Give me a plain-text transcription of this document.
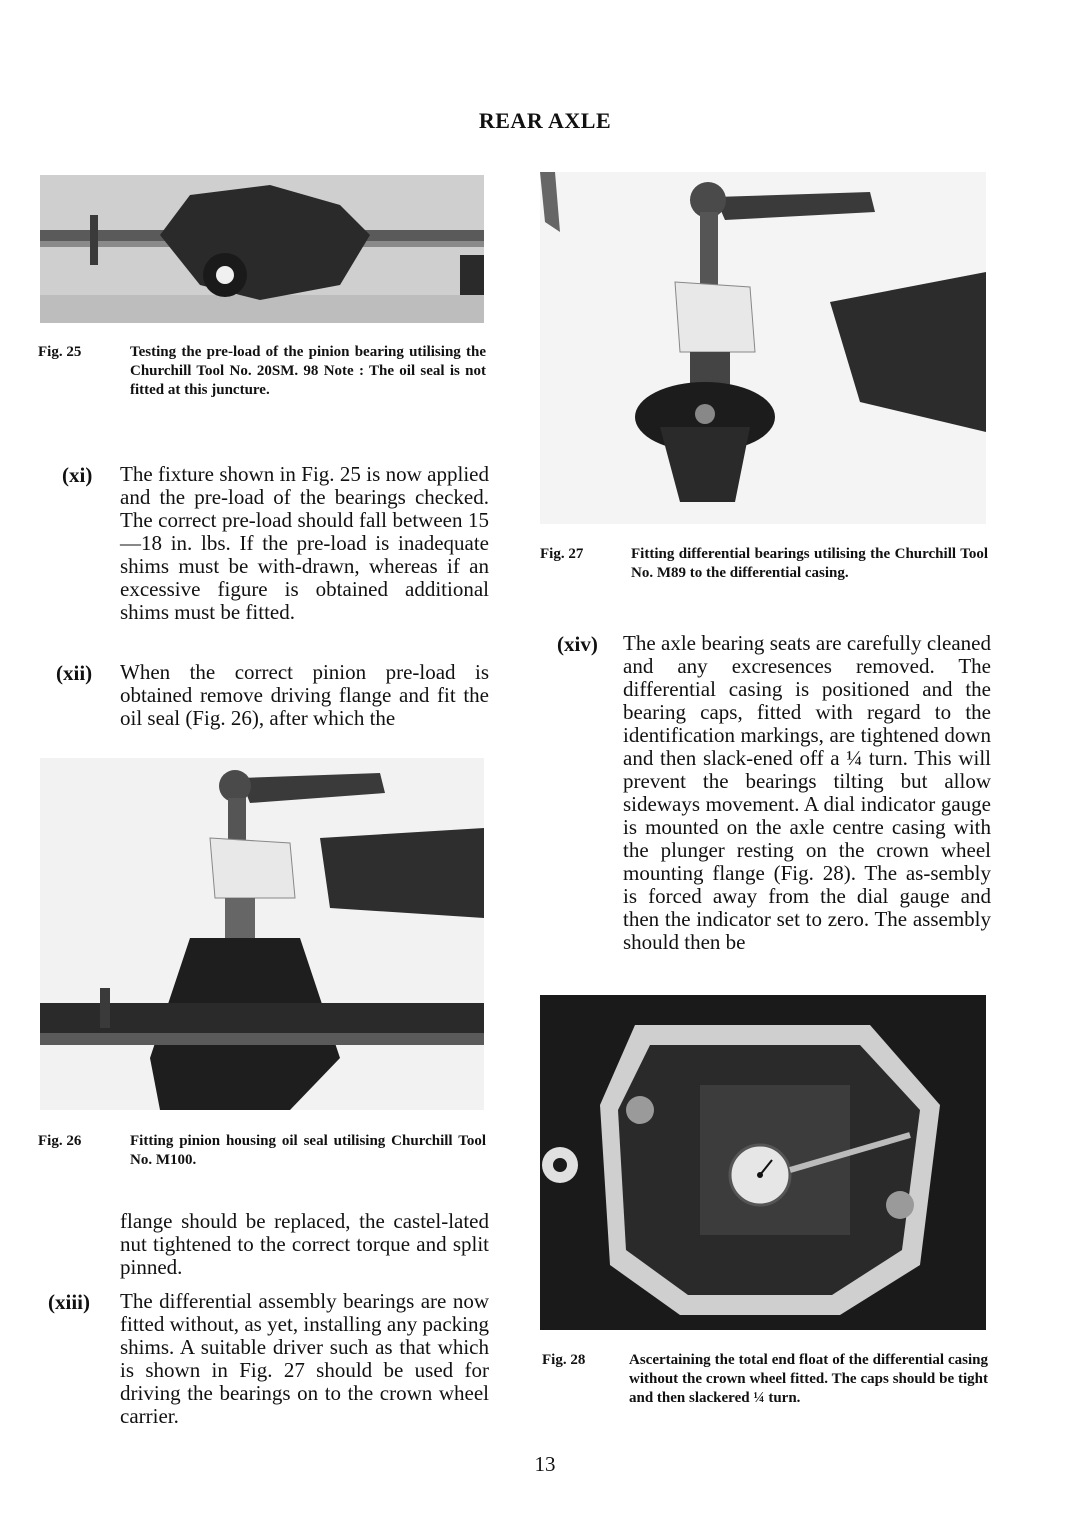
REAR AXLE
Fig. 25	Testing the pre-load of the pinion bearing utilising the Churchill Tool No. 20SM. 98 Note : The oil seal is not fitted at this juncture.
(xi) The fixture shown in Fig. 25 is now applied and the pre-load of the bearings checked. The correct pre-load should fall between 15—18 in. lbs. If the pre-load is inadequate shims must be with-drawn, whereas if an excessive figure is obtained additional shims must be fitted.
(xii) When the correct pinion pre-load is obtained remove driving flange and fit the oil seal (Fig. 26), after which the
Fig. 26	Fitting pinion housing oil seal utilising Churchill Tool No. M100.
flange should be replaced, the castel-lated nut tightened to the correct torque and split pinned.
(xiii) The differential assembly bearings are now fitted without, as yet, installing any packing shims. A suitable driver such as that which is shown in Fig. 27 should be used for driving the bearings on to the crown wheel carrier.
Fig. 27	Fitting differential bearings utilising the Churchill Tool No. M89 to the differential casing.
(xiv) The axle bearing seats are carefully cleaned and any excresences removed. The differential casing is positioned and the bearing caps, fitted with regard to the identification markings, are tightened down and then slack-ened off a ¼ turn. This will prevent the bearings tilting but allow sideways movement. A dial indicator gauge is mounted on the axle centre casing with the plunger resting on the crown wheel mounting flange (Fig. 28). The as-sembly is forced away from the dial gauge and then the indicator set to zero. The assembly should then be
Fig. 28	Ascertaining the total end float of the differential casing without the crown wheel fitted. The caps should be tight and then slackered ¼ turn.
13
